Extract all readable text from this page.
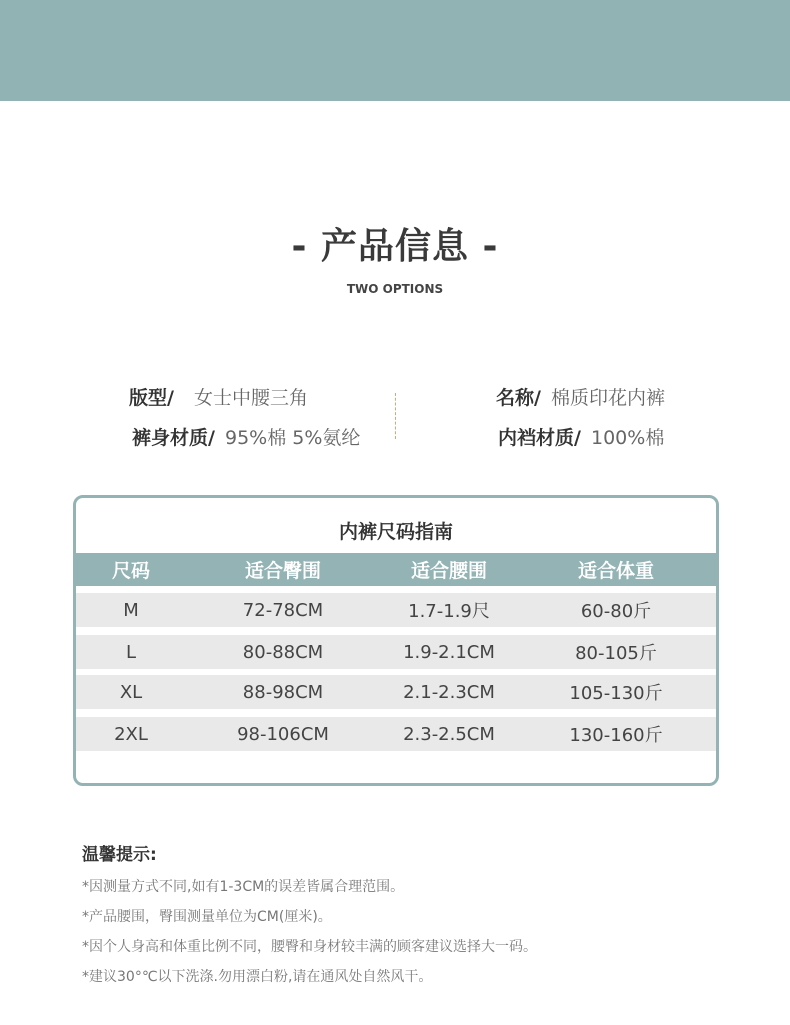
- 产品信息 -
TWO OPTIONS
版型/ 女士中腰三角	名称/ 棉质印花内裤
裤身材质/ 95%棉 5%氨纶	内裆材质/ 100%棉
内裤尺码指南
尺码	适合臀围	适合腰围	适合体重
M	72-78CM	1.7-1.9尺	60-80斤
L	80-88CM	1.9-2.1CM	80-105斤
XL	88-98CM	2.1-2.3CM	105-130斤
2XL	98-106CM	2.3-2.5CM	130-160斤
温馨提示:
*因测量方式不同,如有1-3CM的误差皆属合理范围。
*产品腰围，臀围测量单位为CM(厘米)。
*因个人身高和体重比例不同，腰臀和身材较丰满的顾客建议选择大一码。
*建议30°℃以下洗涤.勿用漂白粉,请在通风处自然风干。
